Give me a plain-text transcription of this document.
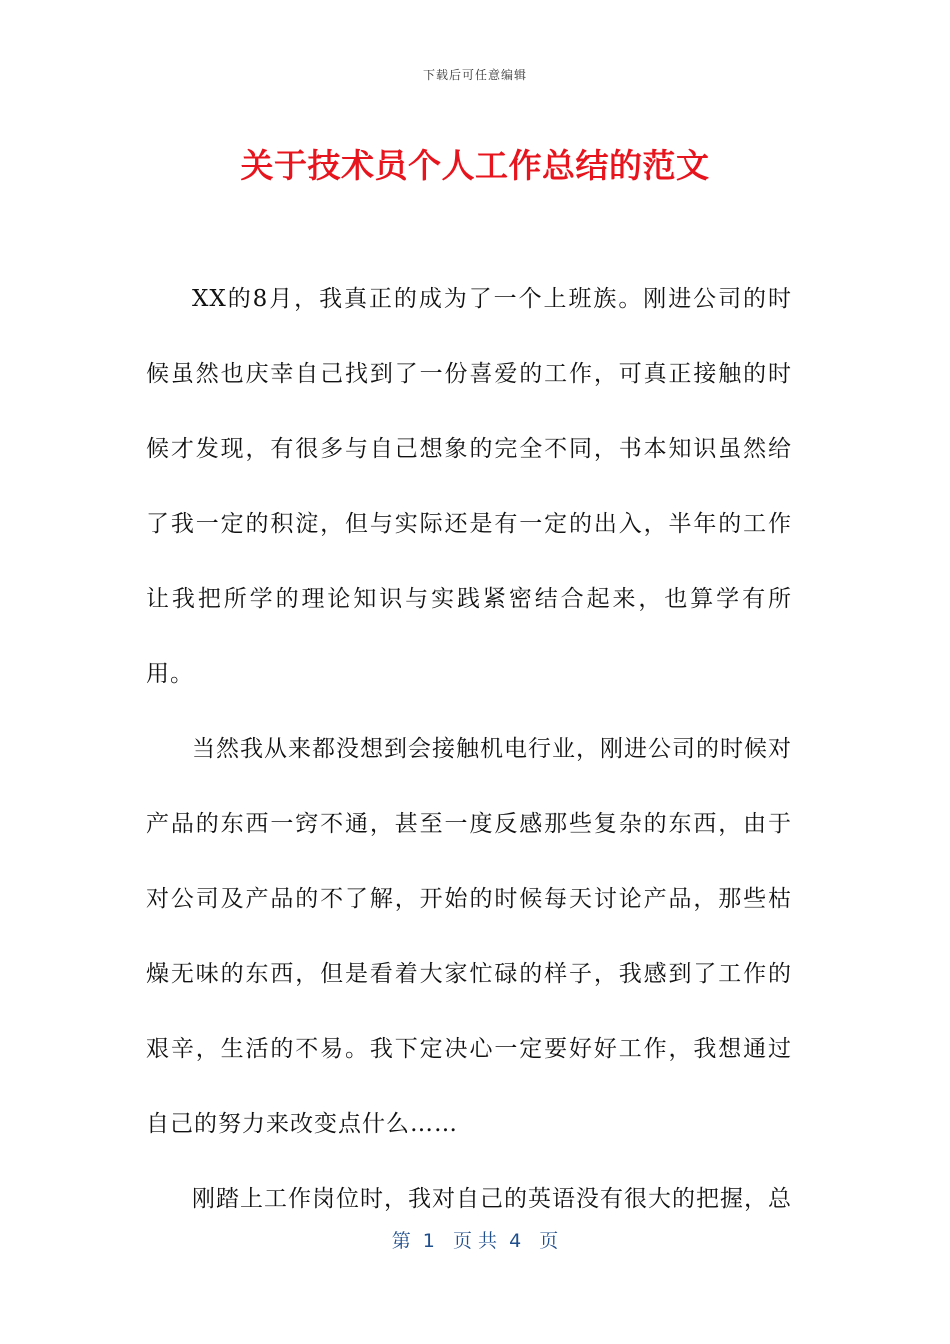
下载后可任意编辑
关于技术员个人工作总结的范文

XX的8月，我真正的成为了一个上班族。刚进公司的时候虽然也庆幸自己找到了一份喜爱的工作，可真正接触的时候才发现，有很多与自己想象的完全不同，书本知识虽然给了我一定的积淀，但与实际还是有一定的出入，半年的工作让我把所学的理论知识与实践紧密结合起来，也算学有所用。

当然我从来都没想到会接触机电行业，刚进公司的时候对产品的东西一窍不通，甚至一度反感那些复杂的东西，由于对公司及产品的不了解，开始的时候每天讨论产品，那些枯燥无味的东西，但是看着大家忙碌的样子，我感到了工作的艰辛，生活的不易。我下定决心一定要好好工作，我想通过自己的努力来改变点什么……

刚踏上工作岗位时，我对自己的英语没有很大的把握，总

第  1   页 共  4   页
